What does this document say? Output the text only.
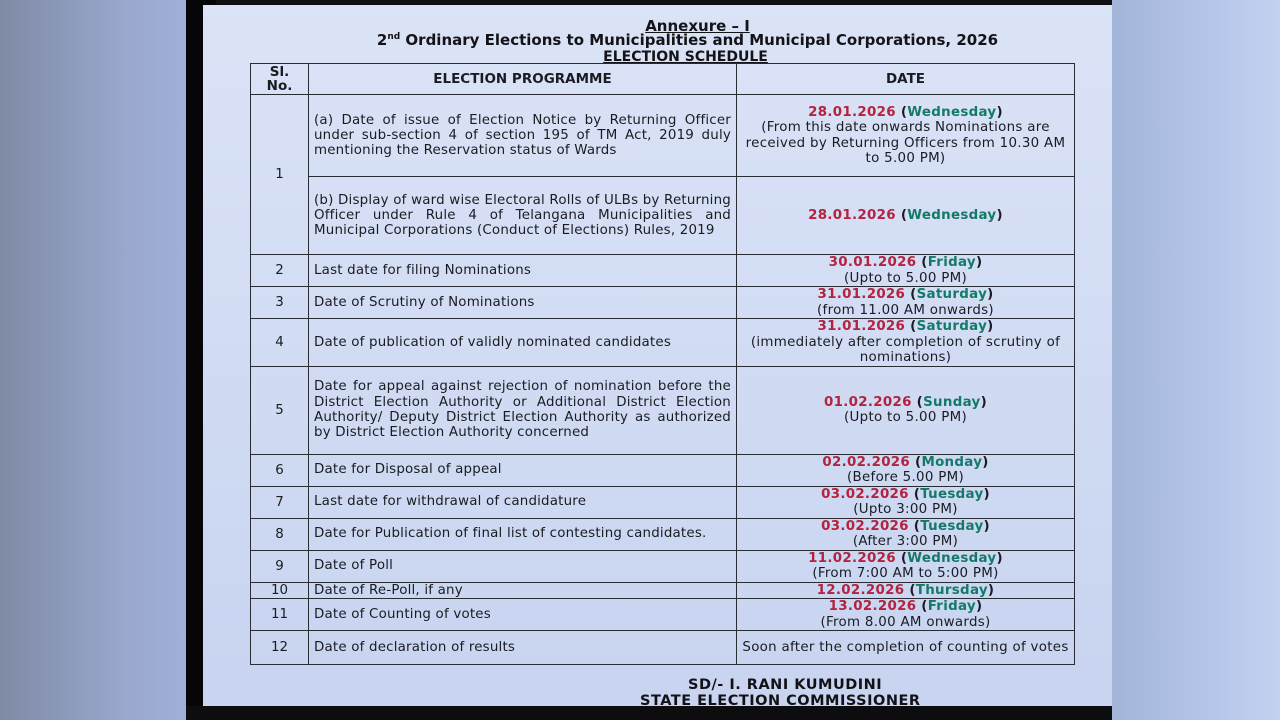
Annexure – I
2nd Ordinary Elections to Municipalities and Municipal Corporations, 2026
ELECTION SCHEDULE
Sl. No.	ELECTION PROGRAMME	DATE
1	(a) Date of issue of Election Notice by Returning Officer under sub-section 4 of section 195 of TM Act, 2019 duly mentioning the Reservation status of Wards	28.01.2026 (Wednesday)
(From this date onwards Nominations are received by Returning Officers from 10.30 AM to 5.00 PM)

	(b) Display of ward wise Electoral Rolls of ULBs by Returning Officer under Rule 4 of Telangana Municipalities and Municipal Corporations (Conduct of Elections) Rules, 2019	28.01.2026 (Wednesday)

2	Last date for filing Nominations	30.01.2026 (Friday)
(Upto to 5.00 PM)

3	Date of Scrutiny of Nominations	31.01.2026 (Saturday)
(from 11.00 AM onwards)

4	Date of publication of validly nominated candidates	31.01.2026 (Saturday)
(immediately after completion of scrutiny of nominations)

5	Date for appeal against rejection of nomination before the District Election Authority or Additional District Election Authority/ Deputy District Election Authority as authorized by District Election Authority concerned	01.02.2026 (Sunday)
(Upto to 5.00 PM)

6	Date for Disposal of appeal	02.02.2026 (Monday)
(Before 5.00 PM)

7	Last date for withdrawal of candidature	03.02.2026 (Tuesday)
(Upto 3:00 PM)

8	Date for Publication of final list of contesting candidates.	03.02.2026 (Tuesday)
(After 3:00 PM)

9	Date of Poll	11.02.2026 (Wednesday)
(From 7:00 AM to 5:00 PM)

10	Date of Re-Poll, if any	12.02.2026 (Thursday)

11	Date of Counting of votes	13.02.2026 (Friday)
(From 8.00 AM onwards)

12	Date of declaration of results	Soon after the completion of counting of votes
SD/- I. RANI KUMUDINI
STATE ELECTION COMMISSIONER
